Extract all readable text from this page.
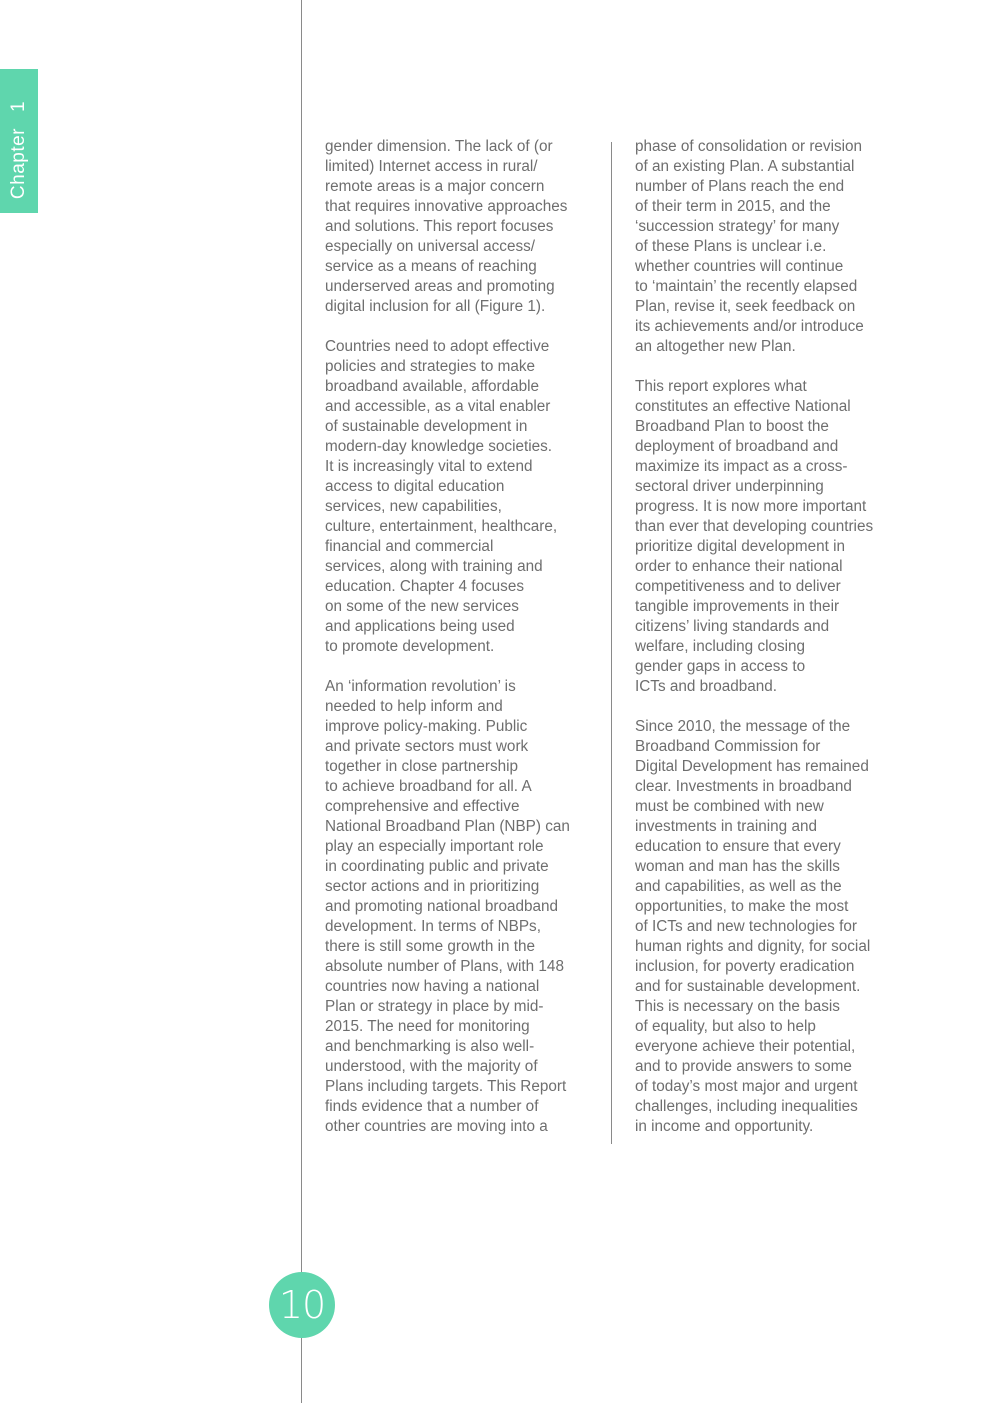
Chapter1

gender dimension. The lack of (or
limited) Internet access in rural/
remote areas is a major concern
that requires innovative approaches
and solutions. This report focuses
especially on universal access/
service as a means of reaching
underserved areas and promoting
digital inclusion for all (Figure 1).

Countries need to adopt effective
policies and strategies to make
broadband available, affordable
and accessible, as a vital enabler
of sustainable development in
modern-day knowledge societies.
It is increasingly vital to extend
access to digital education
services, new capabilities,
culture, entertainment, healthcare,
financial and commercial
services, along with training and
education. Chapter 4 focuses
on some of the new services
and applications being used
to promote development.

An ‘information revolution’ is
needed to help inform and
improve policy-making. Public
and private sectors must work
together in close partnership
to achieve broadband for all. A
comprehensive and effective
National Broadband Plan (NBP) can
play an especially important role
in coordinating public and private
sector actions and in prioritizing
and promoting national broadband
development. In terms of NBPs,
there is still some growth in the
absolute number of Plans, with 148
countries now having a national
Plan or strategy in place by mid-
2015. The need for monitoring
and benchmarking is also well-
understood, with the majority of
Plans including targets. This Report
finds evidence that a number of
other countries are moving into a

phase of consolidation or revision
of an existing Plan. A substantial
number of Plans reach the end
of their term in 2015, and the
‘succession strategy’ for many
of these Plans is unclear i.e.
whether countries will continue
to ‘maintain’ the recently elapsed
Plan, revise it, seek feedback on
its achievements and/or introduce
an altogether new Plan.

This report explores what
constitutes an effective National
Broadband Plan to boost the
deployment of broadband and
maximize its impact as a cross-
sectoral driver underpinning
progress. It is now more important
than ever that developing countries
prioritize digital development in
order to enhance their national
competitiveness and to deliver
tangible improvements in their
citizens’ living standards and
welfare, including closing
gender gaps in access to
ICTs and broadband.

Since 2010, the message of the
Broadband Commission for
Digital Development has remained
clear. Investments in broadband
must be combined with new
investments in training and
education to ensure that every
woman and man has the skills
and capabilities, as well as the
opportunities, to make the most
of ICTs and new technologies for
human rights and dignity, for social
inclusion, for poverty eradication
and for sustainable development.
This is necessary on the basis
of equality, but also to help
everyone achieve their potential,
and to provide answers to some
of today’s most major and urgent
challenges, including inequalities
in income and opportunity.

10
